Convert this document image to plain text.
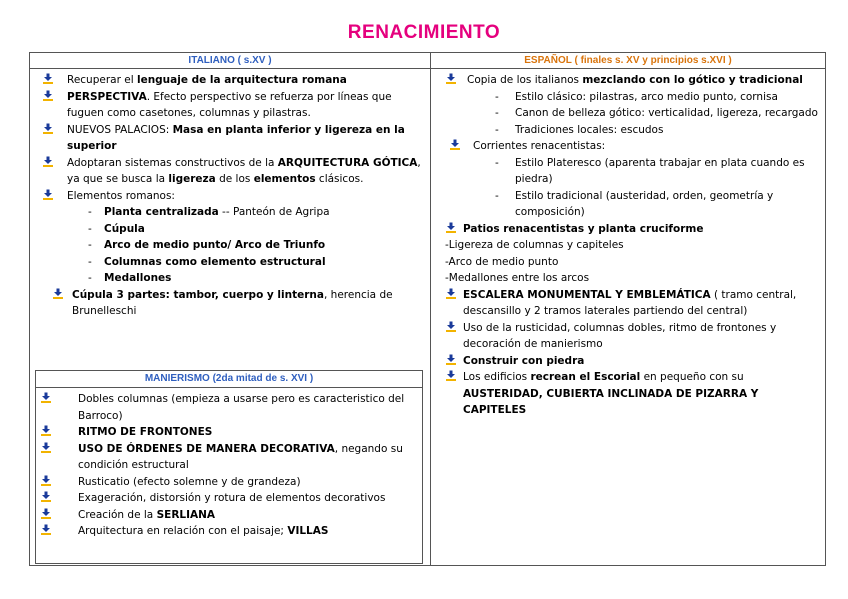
RENACIMIENTO
ITALIANO ( s.XV )	ESPAÑOL ( finales s. XV y principios s.XVI )
Recuperar el lenguaje de la arquitectura romana
PERSPECTIVA. Efecto perspectivo se refuerza por líneas que fuguen como casetones, columnas y pilastras.
NUEVOS PALACIOS: Masa en planta inferior y ligereza en la superior
Adoptaran sistemas constructivos de la ARQUITECTURA GÓTICA, ya que se busca la ligereza de los elementos clásicos.
Elementos romanos:
-	Planta centralizada -- Panteón de Agripa
-	Cúpula
-	Arco de medio punto/ Arco de Triunfo
-	Columnas como elemento estructural
-	Medallones
Cúpula 3 partes: tambor, cuerpo y linterna, herencia de Brunelleschi
MANIERISMO (2da mitad de s. XVI )
Dobles columnas (empieza a usarse pero es caracteristico del Barroco)
RITMO DE FRONTONES
USO DE ÓRDENES DE MANERA DECORATIVA, negando su condición estructural
Rusticatio (efecto solemne y de grandeza)
Exageración, distorsión y rotura de elementos decorativos
Creación de la SERLIANA
Arquitectura en relación con el paisaje; VILLAS
Copia de los italianos mezclando con lo gótico y tradicional
-	Estilo clásico: pilastras, arco medio punto, cornisa
-	Canon de belleza gótico: verticalidad, ligereza, recargado
-	Tradiciones locales: escudos
Corrientes renacentistas:
-	Estilo Plateresco (aparenta trabajar en plata cuando es piedra)
-	Estilo tradicional (austeridad, orden, geometría y composición)
Patios renacentistas y planta cruciforme
-Ligereza de columnas y capiteles
-Arco de medio punto
-Medallones entre los arcos
ESCALERA MONUMENTAL Y EMBLEMÁTICA ( tramo central, descansillo y 2 tramos laterales partiendo del central)
Uso de la rusticidad, columnas dobles, ritmo de frontones y decoración de manierismo
Construir con piedra
Los edificios recrean el Escorial en pequeño con su AUSTERIDAD, CUBIERTA INCLINADA DE PIZARRA Y CAPITELES
